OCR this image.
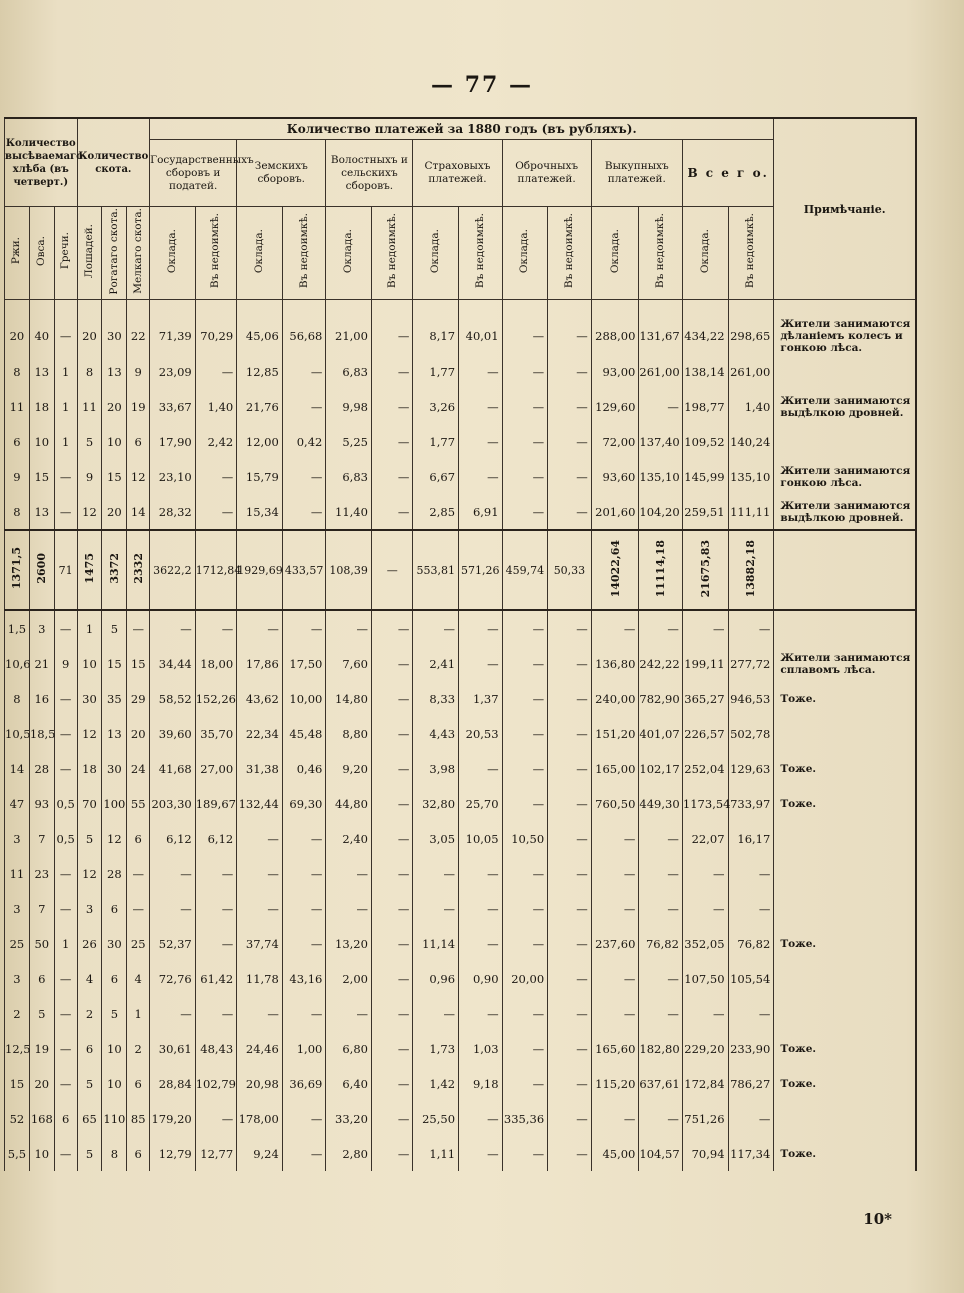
— 77 —
Количество высѣваемаго хлѣба (въ четверт.)			Количество скота.			Количество платежей за 1880 годъ (въ рубляхъ).														Примѣчаніе.
						Государственныхъ сборовъ и податей.		Земскихъ сборовъ.		Волостныхъ и сельскихъ сборовъ.		Страховыхъ платежей.		Оброчныхъ платежей.		Выкупныхъ платежей.		В с е г о.		
Ржи.	Овса.	Гречи.	Лошадей.	Рогатаго скота.	Мелкаго скота.	Оклада.	Въ недоимкѣ.	Оклада.	Въ недоимкѣ.	Оклада.	Въ недоимкѣ.	Оклада.	Въ недоимкѣ.	Оклада.	Въ недоимкѣ.	Оклада.	Въ недоимкѣ.	Оклада.	Въ недоимкѣ.	

20	40	—	20	30	22	71,39	70,29	45,06	56,68	21,00	—	8,17	40,01	—	—	288,00	131,67	434,22	298,65	Жители занимаются дѣланіемъ колесъ и гонкою лѣса.
8	13	1	8	13	9	23,09	—	12,85	—	6,83	—	1,77	—	—	—	93,00	261,00	138,14	261,00	
11	18	1	11	20	19	33,67	1,40	21,76	—	9,98	—	3,26	—	—	—	129,60	—	198,77	1,40	Жители занимаются выдѣлкою дровней.
6	10	1	5	10	6	17,90	2,42	12,00	0,42	5,25	—	1,77	—	—	—	72,00	137,40	109,52	140,24	
9	15	—	9	15	12	23,10	—	15,79	—	6,83	—	6,67	—	—	—	93,60	135,10	145,99	135,10	Жители занимаются гонкою лѣса.
8	13	—	12	20	14	28,32	—	15,34	—	11,40	—	2,85	6,91	—	—	201,60	104,20	259,51	111,11	Жители занимаются выдѣлкою дровней.
1371,5	2600	71	1475	3372	2332	3622,2	1712,84	1929,69	433,57	108,39	—	553,81	571,26	459,74	50,33	14022,64	11114,18	21675,83	13882,18	
1,5	3	—	1	5	—	—	—	—	—	—	—	—	—	—	—	—	—	—	—	
10,6	21	9	10	15	15	34,44	18,00	17,86	17,50	7,60	—	2,41	—	—	—	136,80	242,22	199,11	277,72	Жители занимаются сплавомъ лѣса.
8	16	—	30	35	29	58,52	152,26	43,62	10,00	14,80	—	8,33	1,37	—	—	240,00	782,90	365,27	946,53	Тоже.
10,5	18,5	—	12	13	20	39,60	35,70	22,34	45,48	8,80	—	4,43	20,53	—	—	151,20	401,07	226,57	502,78	
14	28	—	18	30	24	41,68	27,00	31,38	0,46	9,20	—	3,98	—	—	—	165,00	102,17	252,04	129,63	Тоже.
47	93	0,5	70	100	55	203,30	189,67	132,44	69,30	44,80	—	32,80	25,70	—	—	760,50	449,30	1173,54	733,97	Тоже.
3	7	0,5	5	12	6	6,12	6,12	—	—	2,40	—	3,05	10,05	10,50	—	—	—	22,07	16,17	
11	23	—	12	28	—	—	—	—	—	—	—	—	—	—	—	—	—	—	—	
3	7	—	3	6	—	—	—	—	—	—	—	—	—	—	—	—	—	—	—	
25	50	1	26	30	25	52,37	—	37,74	—	13,20	—	11,14	—	—	—	237,60	76,82	352,05	76,82	Тоже.
3	6	—	4	6	4	72,76	61,42	11,78	43,16	2,00	—	0,96	0,90	20,00	—	—	—	107,50	105,54	
2	5	—	2	5	1	—	—	—	—	—	—	—	—	—	—	—	—	—	—	
12,5	19	—	6	10	2	30,61	48,43	24,46	1,00	6,80	—	1,73	1,03	—	—	165,60	182,80	229,20	233,90	Тоже.
15	20	—	5	10	6	28,84	102,79	20,98	36,69	6,40	—	1,42	9,18	—	—	115,20	637,61	172,84	786,27	Тоже.
52	168	6	65	110	85	179,20	—	178,00	—	33,20	—	25,50	—	335,36	—	—	—	751,26	—	
5,5	10	—	5	8	6	12,79	12,77	9,24	—	2,80	—	1,11	—	—	—	45,00	104,57	70,94	117,34	Тоже.
10*
